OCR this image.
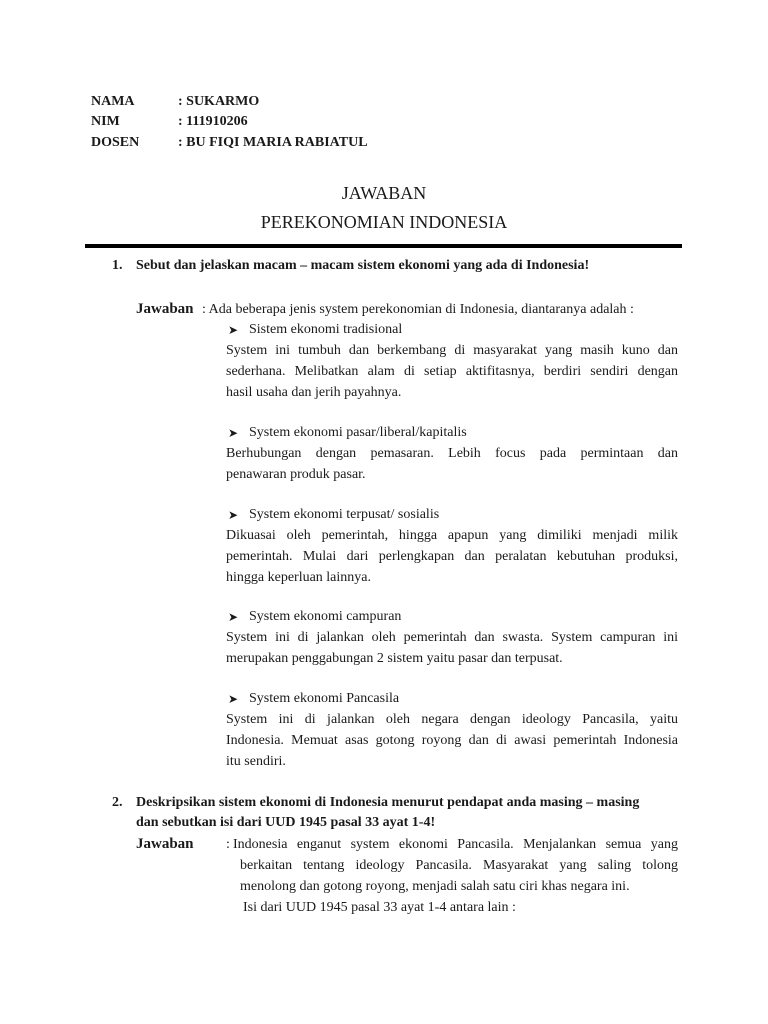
NAMA	: SUKARMO
NIM	: 111910206
DOSEN	: BU FIQI MARIA RABIATUL
JAWABAN
PEREKONOMIAN INDONESIA
1. Sebut dan jelaskan macam – macam sistem ekonomi yang ada di Indonesia!
Jawaban : Ada beberapa jenis system perekonomian di Indonesia, diantaranya adalah :
➤ Sistem ekonomi tradisional
System ini tumbuh dan berkembang di masyarakat yang masih kuno dan
sederhana. Melibatkan alam di setiap aktifitasnya, berdiri sendiri dengan
hasil usaha dan jerih payahnya.
➤ System ekonomi pasar/liberal/kapitalis
Berhubungan dengan pemasaran. Lebih focus pada permintaan dan
penawaran produk pasar.
➤ System ekonomi terpusat/ sosialis
Dikuasai oleh pemerintah, hingga apapun yang dimiliki menjadi milik
pemerintah. Mulai dari perlengkapan dan peralatan kebutuhan produksi,
hingga keperluan lainnya.
➤ System ekonomi campuran
System ini di jalankan oleh pemerintah dan swasta. System campuran ini
merupakan penggabungan 2 sistem yaitu pasar dan terpusat.
➤ System ekonomi Pancasila
System ini di jalankan oleh negara dengan ideology Pancasila, yaitu
Indonesia. Memuat asas gotong royong dan di awasi pemerintah Indonesia
itu sendiri.
2. Deskripsikan sistem ekonomi di Indonesia menurut pendapat anda masing – masing
dan sebutkan isi dari UUD 1945 pasal 33 ayat 1-4!
Jawaban : Indonesia enganut system ekonomi Pancasila. Menjalankan semua yang
berkaitan tentang ideology Pancasila. Masyarakat yang saling tolong
menolong dan gotong royong, menjadi salah satu ciri khas negara ini.
Isi dari UUD 1945 pasal 33 ayat 1-4 antara lain :
